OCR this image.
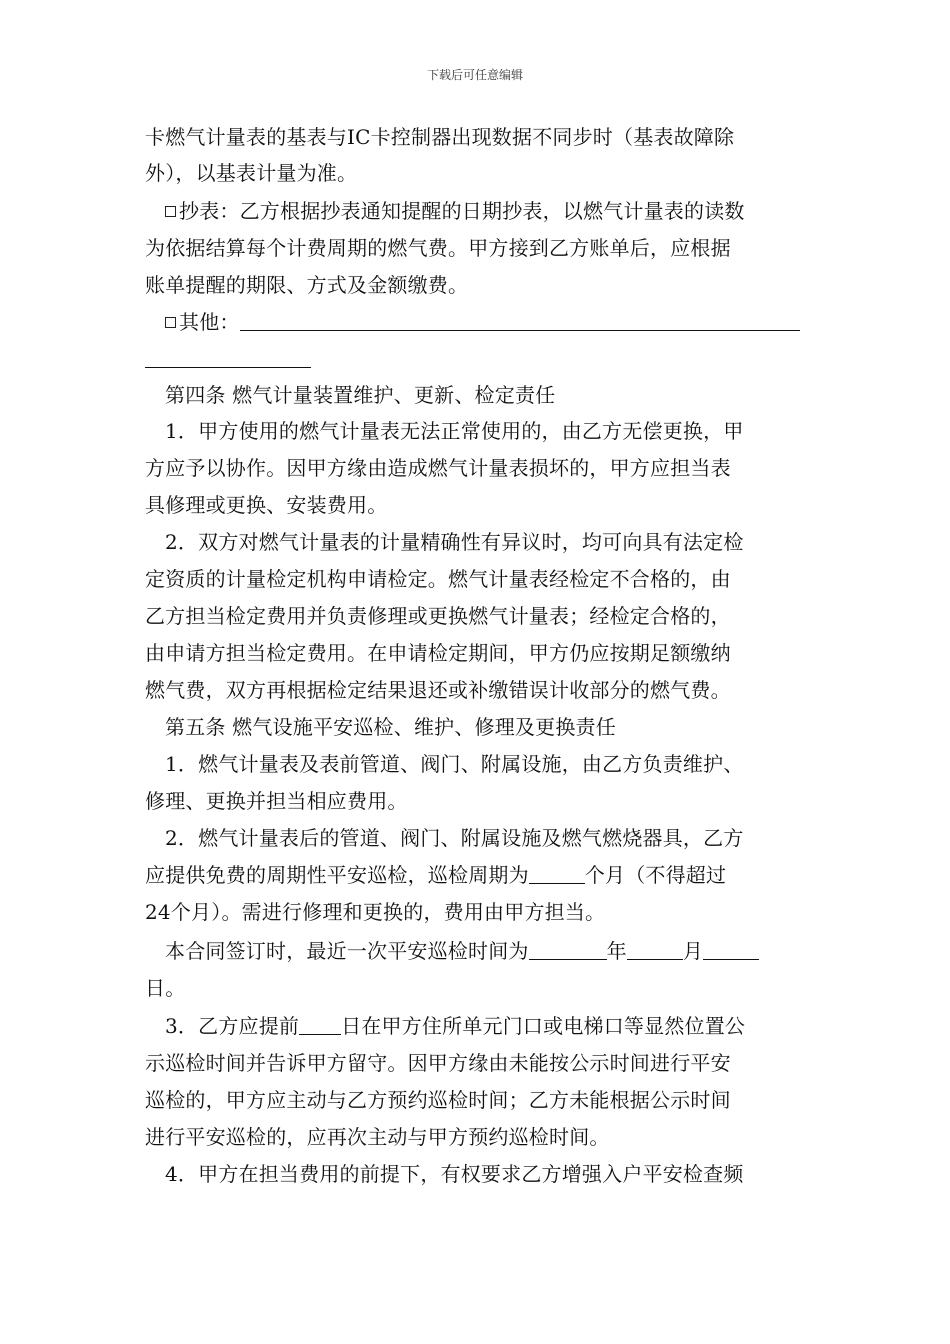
下载后可任意编辑
卡燃气计量表的基表与IC卡控制器出现数据不同步时（基表故障除
外），以基表计量为准。
抄表：乙方根据抄表通知提醒的日期抄表，以燃气计量表的读数
为依据结算每个计费周期的燃气费。甲方接到乙方账单后，应根据
账单提醒的期限、方式及金额缴费。
其他：
第四条 燃气计量装置维护、更新、检定责任
1．甲方使用的燃气计量表无法正常使用的，由乙方无偿更换，甲
方应予以协作。因甲方缘由造成燃气计量表损坏的，甲方应担当表
具修理或更换、安装费用。
2．双方对燃气计量表的计量精确性有异议时，均可向具有法定检
定资质的计量检定机构申请检定。燃气计量表经检定不合格的，由
乙方担当检定费用并负责修理或更换燃气计量表；经检定合格的，
由申请方担当检定费用。在申请检定期间，甲方仍应按期足额缴纳
燃气费，双方再根据检定结果退还或补缴错误计收部分的燃气费。
第五条 燃气设施平安巡检、维护、修理及更换责任
1．燃气计量表及表前管道、阀门、附属设施，由乙方负责维护、
修理、更换并担当相应费用。
2．燃气计量表后的管道、阀门、附属设施及燃气燃烧器具，乙方
应提供免费的周期性平安巡检，巡检周期为	个月（不得超过
24个月）。需进行修理和更换的，费用由甲方担当。
本合同签订时，最近一次平安巡检时间为	年	月
日。
3．乙方应提前 日在甲方住所单元门口或电梯口等显然位置公
示巡检时间并告诉甲方留守。因甲方缘由未能按公示时间进行平安
巡检的，甲方应主动与乙方预约巡检时间；乙方未能根据公示时间
进行平安巡检的，应再次主动与甲方预约巡检时间。
4．甲方在担当费用的前提下，有权要求乙方增强入户平安检查频
